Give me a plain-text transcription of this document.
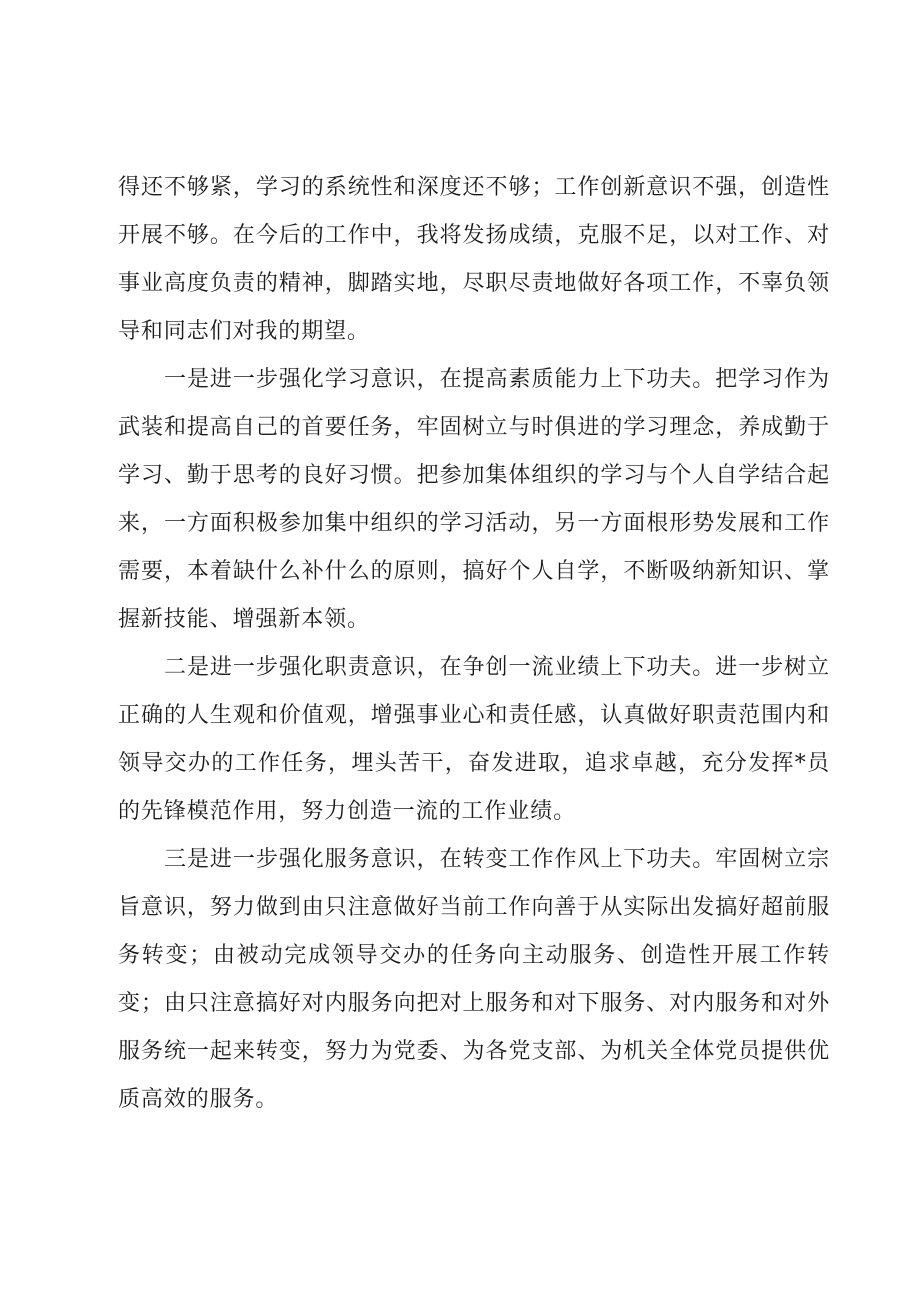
得还不够紧，学习的系统性和深度还不够；工作创新意识不强，创造性开展不够。在今后的工作中，我将发扬成绩，克服不足，以对工作、对事业高度负责的精神，脚踏实地，尽职尽责地做好各项工作，不辜负领导和同志们对我的期望。

一是进一步强化学习意识，在提高素质能力上下功夫。把学习作为武装和提高自己的首要任务，牢固树立与时俱进的学习理念，养成勤于学习、勤于思考的良好习惯。把参加集体组织的学习与个人自学结合起来，一方面积极参加集中组织的学习活动，另一方面根形势发展和工作需要，本着缺什么补什么的原则，搞好个人自学，不断吸纳新知识、掌握新技能、增强新本领。

二是进一步强化职责意识，在争创一流业绩上下功夫。进一步树立正确的人生观和价值观，增强事业心和责任感，认真做好职责范围内和领导交办的工作任务，埋头苦干，奋发进取，追求卓越，充分发挥*员的先锋模范作用，努力创造一流的工作业绩。

三是进一步强化服务意识，在转变工作作风上下功夫。牢固树立宗旨意识，努力做到由只注意做好当前工作向善于从实际出发搞好超前服务转变；由被动完成领导交办的任务向主动服务、创造性开展工作转变；由只注意搞好对内服务向把对上服务和对下服务、对内服务和对外服务统一起来转变，努力为党委、为各党支部、为机关全体党员提供优质高效的服务。
